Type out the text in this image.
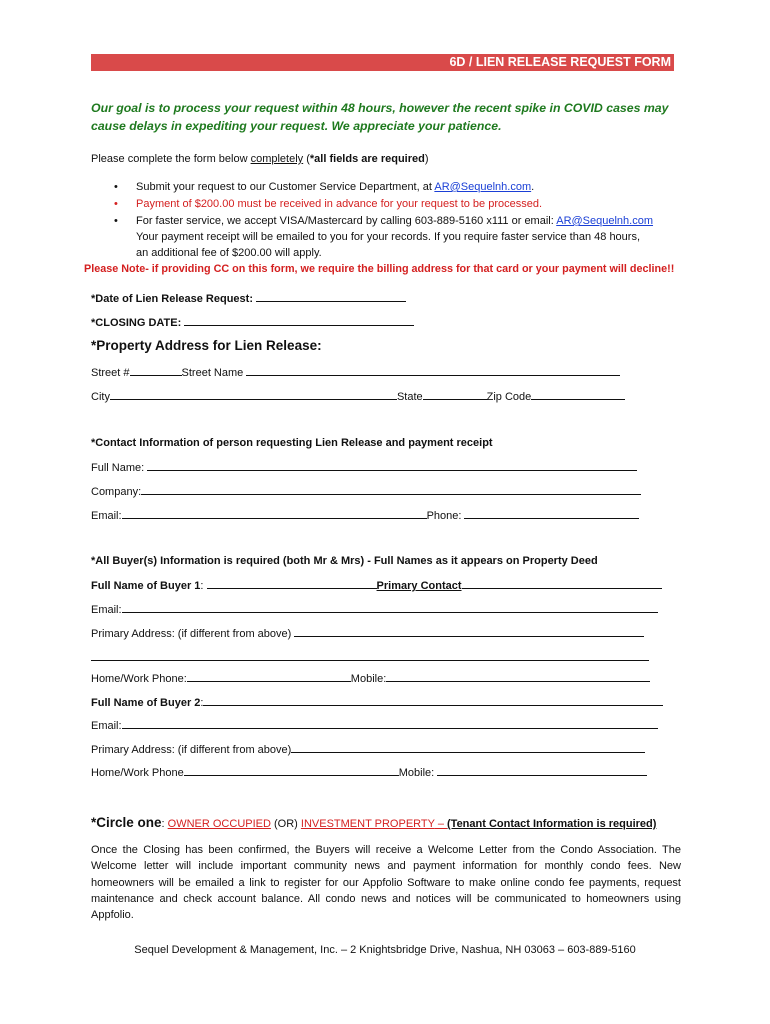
6D / LIEN RELEASE REQUEST FORM
Our goal is to process your request within 48 hours, however the recent spike in COVID cases may cause delays in expediting your request. We appreciate your patience.
Please complete the form below completely (*all fields are required)
• Submit your request to our Customer Service Department, at AR@Sequelnh.com.
• Payment of $200.00 must be received in advance for your request to be processed.
• For faster service, we accept VISA/Mastercard by calling 603-889-5160 x111 or email: AR@Sequelnh.com
Your payment receipt will be emailed to you for your records. If you require faster service than 48 hours,
an additional fee of $200.00 will apply.
Please Note- if providing CC on this form, we require the billing address for that card or your payment will decline!!
*Date of Lien Release Request:
*CLOSING DATE:
*Property Address for Lien Release:
Street #	Street Name
City	State	Zip Code
*Contact Information of person requesting Lien Release and payment receipt
Full Name:
Company:
Email:	Phone:
*All Buyer(s) Information is required (both Mr & Mrs) - Full Names as it appears on Property Deed
Full Name of Buyer 1:	Primary Contact
Email:
Primary Address: (if different from above)
Home/Work Phone:	Mobile:
Full Name of Buyer 2:
Email:
Primary Address: (if different from above)
Home/Work Phone	Mobile:
*Circle one: OWNER OCCUPIED (OR) INVESTMENT PROPERTY – (Tenant Contact Information is required)
Once the Closing has been confirmed, the Buyers will receive a Welcome Letter from the Condo Association. The Welcome letter will include important community news and payment information for monthly condo fees. New homeowners will be emailed a link to register for our Appfolio Software to make online condo fee payments, request maintenance and check account balance. All condo news and notices will be communicated to homeowners using Appfolio.
Sequel Development & Management, Inc. – 2 Knightsbridge Drive, Nashua, NH 03063 – 603-889-5160
